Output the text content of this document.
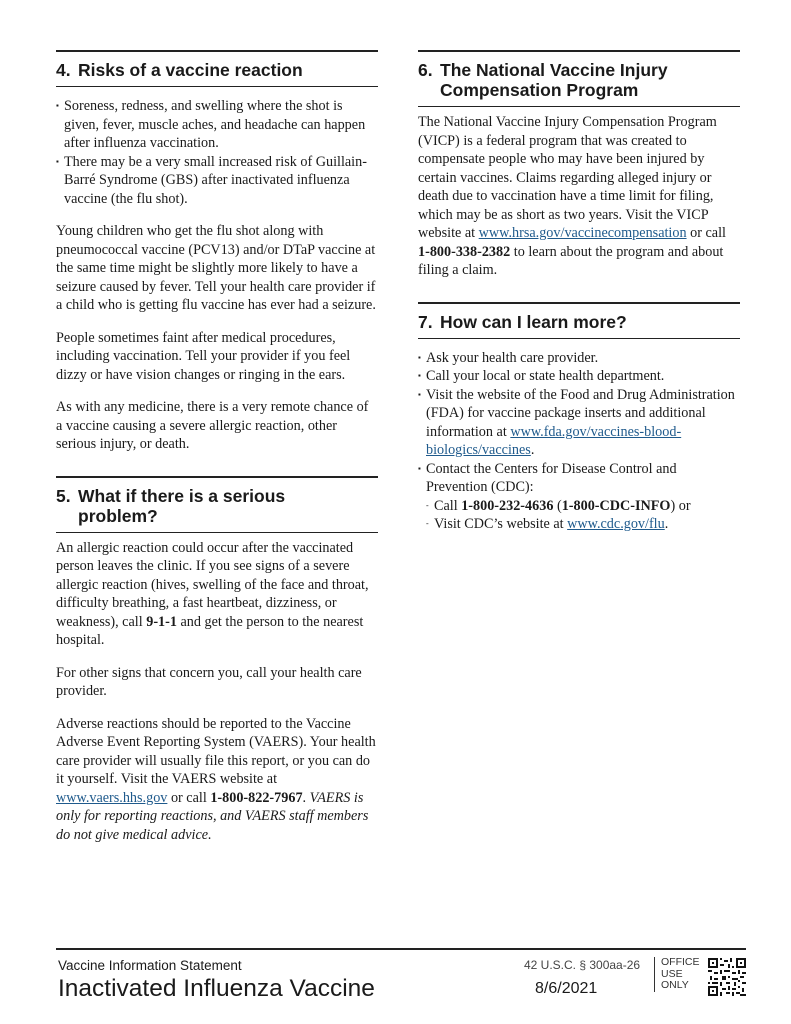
4. Risks of a vaccine reaction
▪ Soreness, redness, and swelling where the shot is given, fever, muscle aches, and headache can happen after influenza vaccination.
▪ There may be a very small increased risk of Guillain-Barré Syndrome (GBS) after inactivated influenza vaccine (the flu shot).

Young children who get the flu shot along with pneumococcal vaccine (PCV13) and/or DTaP vaccine at the same time might be slightly more likely to have a seizure caused by fever. Tell your health care provider if a child who is getting flu vaccine has ever had a seizure.

People sometimes faint after medical procedures, including vaccination. Tell your provider if you feel dizzy or have vision changes or ringing in the ears.

As with any medicine, there is a very remote chance of a vaccine causing a severe allergic reaction, other serious injury, or death.

5. What if there is a serious
problem?

An allergic reaction could occur after the vaccinated person leaves the clinic. If you see signs of a severe allergic reaction (hives, swelling of the face and throat, difficulty breathing, a fast heartbeat, dizziness, or weakness), call 9-1-1 and get the person to the nearest hospital.

For other signs that concern you, call your health care provider.

Adverse reactions should be reported to the Vaccine Adverse Event Reporting System (VAERS). Your health care provider will usually file this report, or you can do it yourself. Visit the VAERS website at www.vaers.hhs.gov or call 1-800-822-7967. VAERS is only for reporting reactions, and VAERS staff members do not give medical advice.

6. The National Vaccine Injury
Compensation Program

The National Vaccine Injury Compensation Program (VICP) is a federal program that was created to compensate people who may have been injured by certain vaccines. Claims regarding alleged injury or death due to vaccination have a time limit for filing, which may be as short as two years. Visit the VICP website at www.hrsa.gov/vaccinecompensation or call 1-800-338-2382 to learn about the program and about filing a claim.

7. How can I learn more?
▪ Ask your health care provider.
▪ Call your local or state health department.
▪ Visit the website of the Food and Drug Administration (FDA) for vaccine package inserts and additional information at www.fda.gov/vaccines-blood-biologics/vaccines.
▪ Contact the Centers for Disease Control and Prevention (CDC):
- Call 1-800-232-4636 (1-800-CDC-INFO) or
- Visit CDC’s website at www.cdc.gov/flu.
Vaccine Information Statement
Inactivated Influenza Vaccine
42 U.S.C. § 300aa-26
8/6/2021
OFFICE
USE
ONLY
